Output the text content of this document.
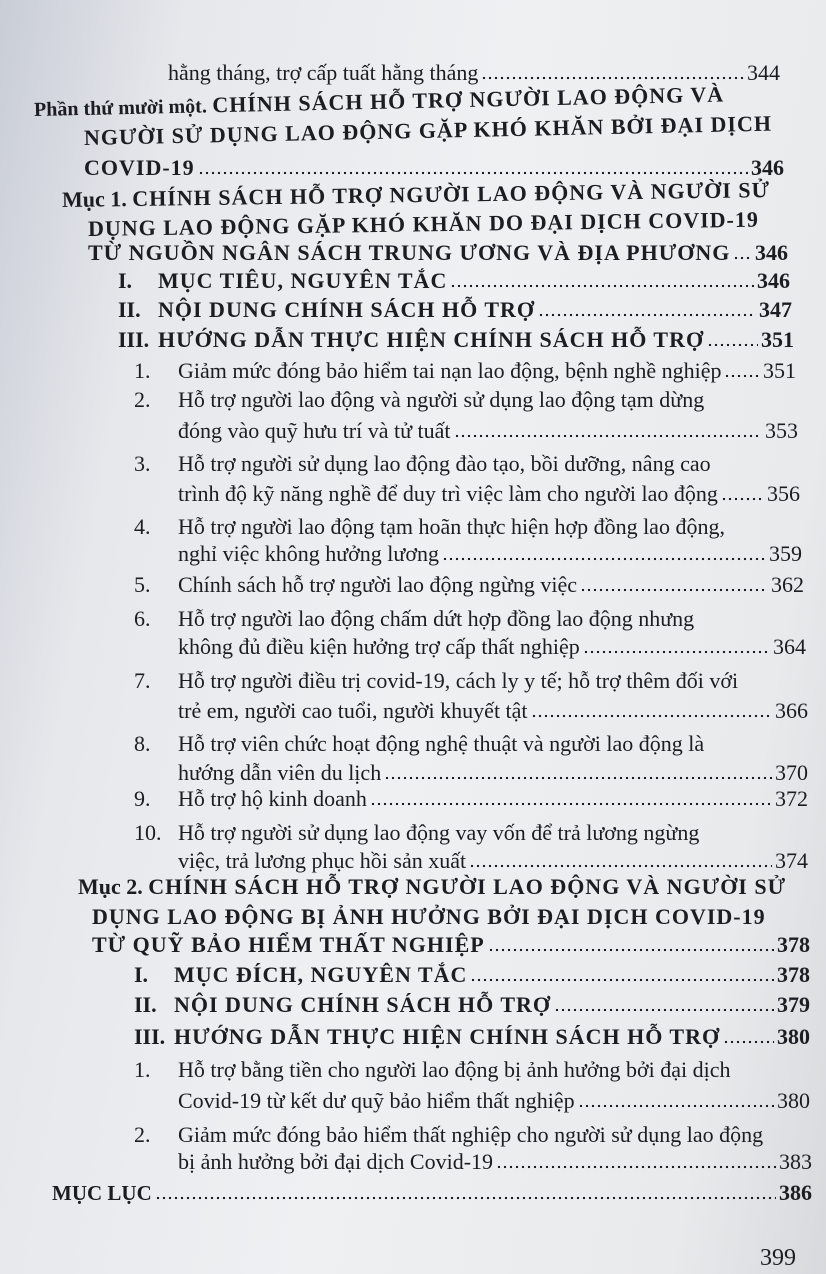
hằng tháng, trợ cấp tuất hằng tháng	344
Phần thứ mười một. CHÍNH SÁCH HỖ TRỢ NGƯỜI LAO ĐỘNG VÀ
NGƯỜI SỬ DỤNG LAO ĐỘNG GẶP KHÓ KHĂN BỞI ĐẠI DỊCH
COVID-19	346
Mục 1. CHÍNH SÁCH HỖ TRỢ NGƯỜI LAO ĐỘNG VÀ NGƯỜI SỬ
DỤNG LAO ĐỘNG GẶP KHÓ KHĂN DO ĐẠI DỊCH COVID-19
TỪ NGUỒN NGÂN SÁCH TRUNG ƯƠNG VÀ ĐỊA PHƯƠNG 346
I.	MỤC TIÊU, NGUYÊN TẮC	346
II. NỘI DUNG CHÍNH SÁCH HỖ TRỢ	347
III. HƯỚNG DẪN THỰC HIỆN CHÍNH SÁCH HỖ TRỢ	351
1.	Giảm mức đóng bảo hiểm tai nạn lao động, bệnh nghề nghiệp 351
2. Hỗ trợ người lao động và người sử dụng lao động tạm dừng
đóng vào quỹ hưu trí và tử tuất	353
3. Hỗ trợ người sử dụng lao động đào tạo, bồi dưỡng, nâng cao
trình độ kỹ năng nghề để duy trì việc làm cho người lao động 356
4. Hỗ trợ người lao động tạm hoãn thực hiện hợp đồng lao động,
nghỉ việc không hưởng lương	359
5.	Chính sách hỗ trợ người lao động ngừng việc	362
6. Hỗ trợ người lao động chấm dứt hợp đồng lao động nhưng
không đủ điều kiện hưởng trợ cấp thất nghiệp	364
7. Hỗ trợ người điều trị covid-19, cách ly y tế; hỗ trợ thêm đối với
trẻ em, người cao tuổi, người khuyết tật	366
8. Hỗ trợ viên chức hoạt động nghệ thuật và người lao động là
hướng dẫn viên du lịch	370
9.	Hỗ trợ hộ kinh doanh	372
10. Hỗ trợ người sử dụng lao động vay vốn để trả lương ngừng
việc, trả lương phục hồi sản xuất	374
Mục 2. CHÍNH SÁCH HỖ TRỢ NGƯỜI LAO ĐỘNG VÀ NGƯỜI SỬ
DỤNG LAO ĐỘNG BỊ ẢNH HƯỞNG BỞI ĐẠI DỊCH COVID-19
TỪ QUỸ BẢO HIỂM THẤT NGHIỆP	378
I.	MỤC ĐÍCH, NGUYÊN TẮC	378
II. NỘI DUNG CHÍNH SÁCH HỖ TRỢ	379
III. HƯỚNG DẪN THỰC HIỆN CHÍNH SÁCH HỖ TRỢ	380
1. Hỗ trợ bằng tiền cho người lao động bị ảnh hưởng bởi đại dịch
Covid-19 từ kết dư quỹ bảo hiểm thất nghiệp	380
2. Giảm mức đóng bảo hiểm thất nghiệp cho người sử dụng lao động
bị ảnh hưởng bởi đại dịch Covid-19	383
MỤC LỤC	386
399
